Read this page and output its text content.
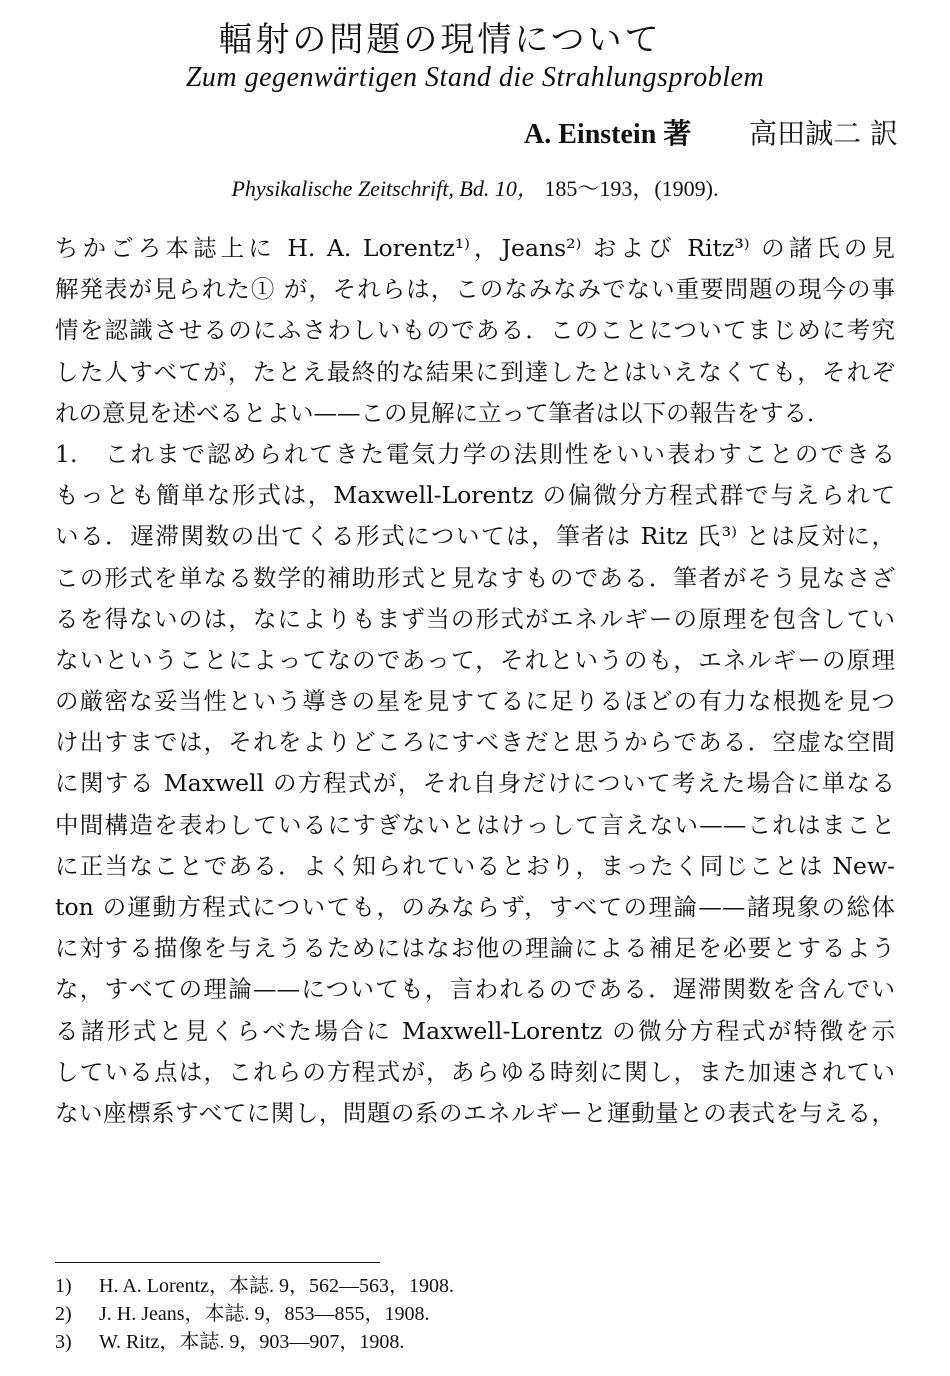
輻射の問題の現情について
Zum gegenwärtigen Stand die Strahlungsproblem
A. Einstein 著 高田誠二 訳
Physikalische Zeitschrift, Bd. 10， 185〜193，(1909).
ちかごろ本誌上に H. A. Lorentz¹⁾，Jeans²⁾ および Ritz³⁾ の諸氏の見
解発表が見られた① が，それらは，このなみなみでない重要問題の現今の事
情を認識させるのにふさわしいものである．このことについてまじめに考究
した人すべてが，たとえ最終的な結果に到達したとはいえなくても，それぞ
れの意見を述べるとよい——この見解に立って筆者は以下の報告をする．
1.　これまで認められてきた電気力学の法則性をいい表わすことのできる
もっとも簡単な形式は，Maxwell-Lorentz の偏微分方程式群で与えられて
いる．遅滞関数の出てくる形式については，筆者は Ritz 氏³⁾ とは反対に，
この形式を単なる数学的補助形式と見なすものである．筆者がそう見なさざ
るを得ないのは，なによりもまず当の形式がエネルギーの原理を包含してい
ないということによってなのであって，それというのも，エネルギーの原理
の厳密な妥当性という導きの星を見すてるに足りるほどの有力な根拠を見つ
け出すまでは，それをよりどころにすべきだと思うからである．空虚な空間
に関する Maxwell の方程式が，それ自身だけについて考えた場合に単なる
中間構造を表わしているにすぎないとはけっして言えない——これはまこと
に正当なことである．よく知られているとおり，まったく同じことは New-
ton の運動方程式についても，のみならず，すべての理論——諸現象の総体
に対する描像を与えうるためにはなお他の理論による補足を必要とするよう
な，すべての理論——についても，言われるのである．遅滞関数を含んでい
る諸形式と見くらべた場合に Maxwell-Lorentz の微分方程式が特徴を示
している点は，これらの方程式が，あらゆる時刻に関し，また加速されてい
ない座標系すべてに関し，問題の系のエネルギーと運動量との表式を与える，
1) H. A. Lorentz，本誌. 9，562—563，1908.
2) J. H. Jeans，本誌. 9，853—855，1908.
3) W. Ritz，本誌. 9，903—907，1908.
